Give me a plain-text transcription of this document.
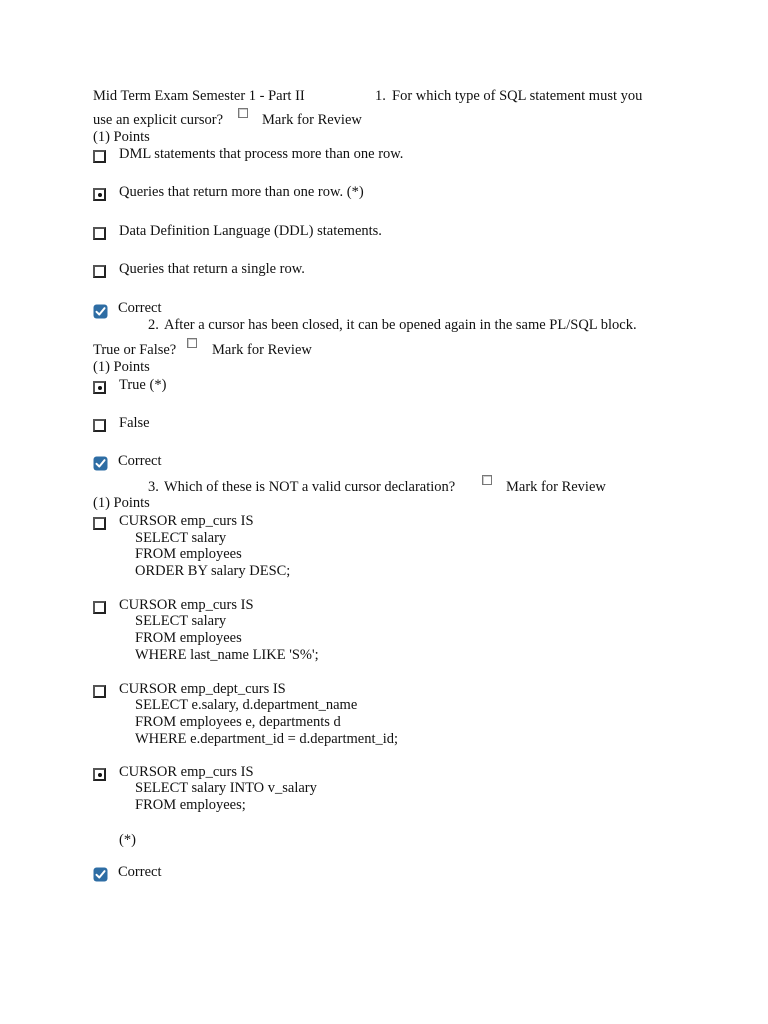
Mid Term Exam Semester 1 - Part II	1. For which type of SQL statement must you
use an explicit cursor?	Mark for Review
(1) Points
DML statements that process more than one row.
Queries that return more than one row. (*)
Data Definition Language (DDL) statements.
Queries that return a single row.
Correct
2. After a cursor has been closed, it can be opened again in the same PL/SQL block.
True or False? Mark for Review
(1) Points
True (*)
False
Correct
3. Which of these is NOT a valid cursor declaration?	Mark for Review
(1) Points
CURSOR emp_curs IS
SELECT salary
FROM employees
ORDER BY salary DESC;
CURSOR emp_curs IS
SELECT salary
FROM employees
WHERE last_name LIKE 'S%';
CURSOR emp_dept_curs IS
SELECT e.salary, d.department_name
FROM employees e, departments d
WHERE e.department_id = d.department_id;
CURSOR emp_curs IS
SELECT salary INTO v_salary
FROM employees;
(*)
Correct
